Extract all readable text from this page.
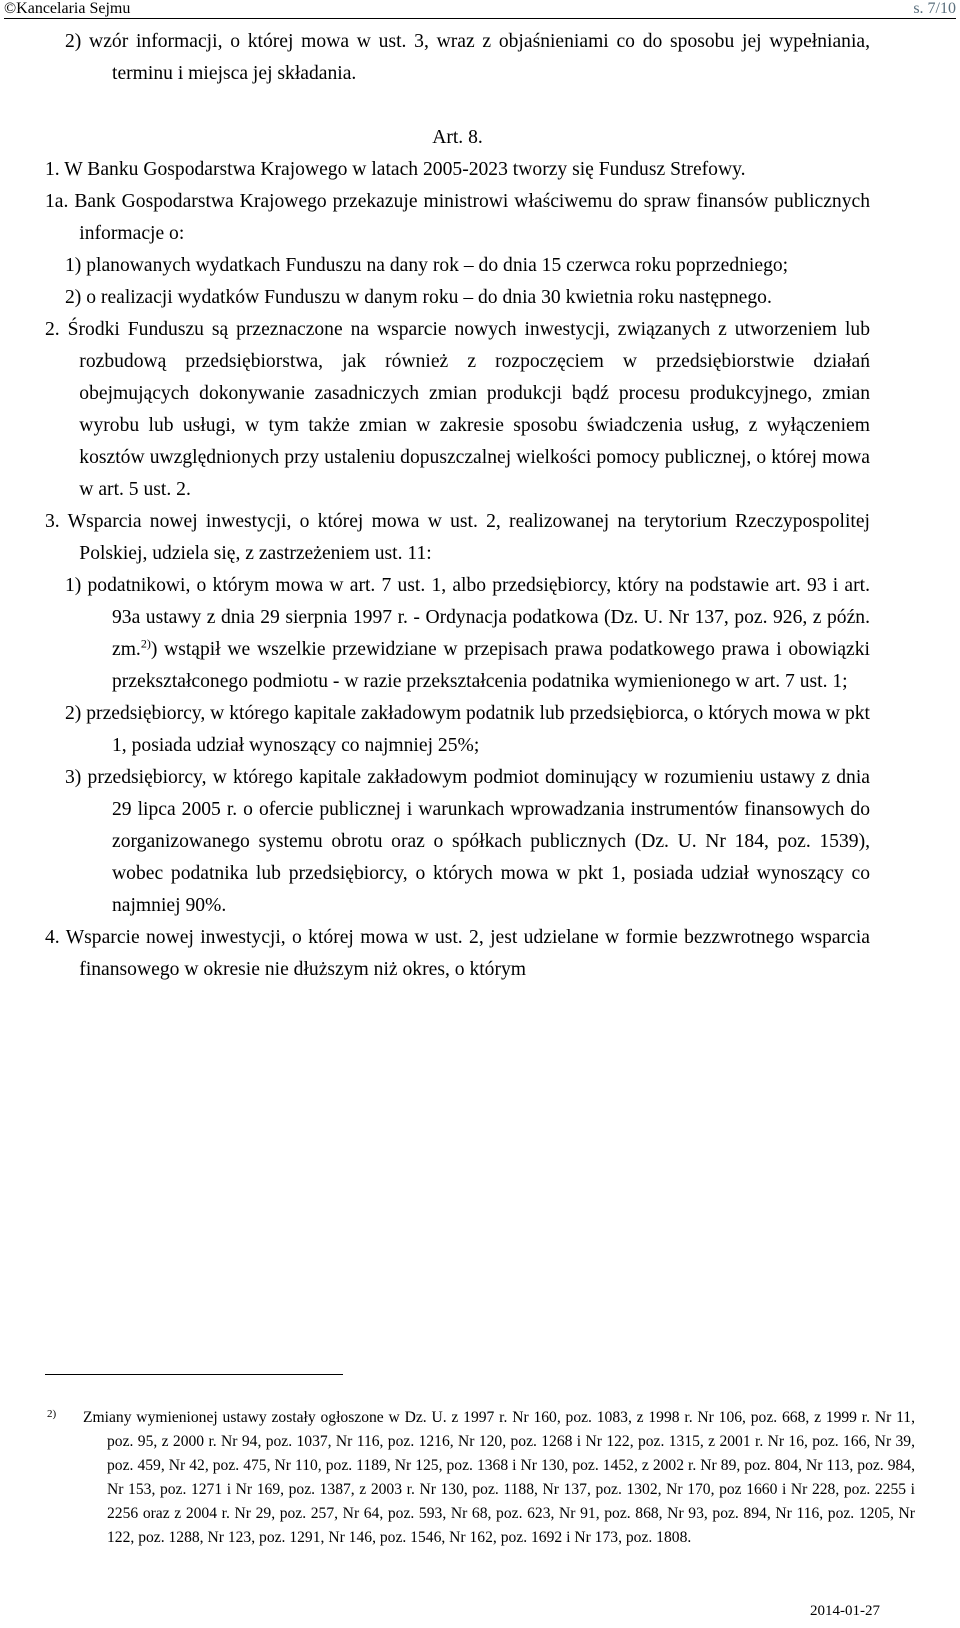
©Kancelaria Sejmu	s. 7/10

2) wzór informacji, o której mowa w ust. 3, wraz z objaśnieniami co do sposobu jej wypełniania, terminu i miejsca jej składania.

Art. 8.

1. W Banku Gospodarstwa Krajowego w latach 2005-2023 tworzy się Fundusz Strefowy.

1a. Bank Gospodarstwa Krajowego przekazuje ministrowi właściwemu do spraw finansów publicznych informacje o:

1) planowanych wydatkach Funduszu na dany rok – do dnia 15 czerwca roku poprzedniego;

2) o realizacji wydatków Funduszu w danym roku – do dnia 30 kwietnia roku następnego.

2. Środki Funduszu są przeznaczone na wsparcie nowych inwestycji, związanych z utworzeniem lub rozbudową przedsiębiorstwa, jak również z rozpoczęciem w przedsiębiorstwie działań obejmujących dokonywanie zasadniczych zmian produkcji bądź procesu produkcyjnego, zmian wyrobu lub usługi, w tym także zmian w zakresie sposobu świadczenia usług, z wyłączeniem kosztów uwzględnionych przy ustaleniu dopuszczalnej wielkości pomocy publicznej, o której mowa w art. 5 ust. 2.

3. Wsparcia nowej inwestycji, o której mowa w ust. 2, realizowanej na terytorium Rzeczypospolitej Polskiej, udziela się, z zastrzeżeniem ust. 11:

1) podatnikowi, o którym mowa w art. 7 ust. 1, albo przedsiębiorcy, który na podstawie art. 93 i art. 93a ustawy z dnia 29 sierpnia 1997 r. - Ordynacja podatkowa (Dz. U. Nr 137, poz. 926, z późn. zm.$^{2)}$) wstąpił we wszelkie przewidziane w przepisach prawa podatkowego prawa i obowiązki przekształconego podmiotu - w razie przekształcenia podatnika wymienionego w art. 7 ust. 1;

2) przedsiębiorcy, w którego kapitale zakładowym podatnik lub przedsiębiorca, o których mowa w pkt 1, posiada udział wynoszący co najmniej 25%;

3) przedsiębiorcy, w którego kapitale zakładowym podmiot dominujący w rozumieniu ustawy z dnia 29 lipca 2005 r. o ofercie publicznej i warunkach wprowadzania instrumentów finansowych do zorganizowanego systemu obrotu oraz o spółkach publicznych (Dz. U. Nr 184, poz. 1539), wobec podatnika lub przedsiębiorcy, o których mowa w pkt 1, posiada udział wynoszący co najmniej 90%.

4. Wsparcie nowej inwestycji, o której mowa w ust. 2, jest udzielane w formie bezzwrotnego wsparcia finansowego w okresie nie dłuższym niż okres, o którym

2)	Zmiany wymienionej ustawy zostały ogłoszone w Dz. U. z 1997 r. Nr 160, poz. 1083, z 1998 r. Nr 106, poz. 668, z 1999 r. Nr 11, poz. 95, z 2000 r. Nr 94, poz. 1037, Nr 116, poz. 1216, Nr 120, poz. 1268 i Nr 122, poz. 1315, z 2001 r. Nr 16, poz. 166, Nr 39, poz. 459, Nr 42, poz. 475, Nr 110, poz. 1189, Nr 125, poz. 1368 i Nr 130, poz. 1452, z 2002 r. Nr 89, poz. 804, Nr 113, poz. 984, Nr 153, poz. 1271 i Nr 169, poz. 1387, z 2003 r. Nr 130, poz. 1188, Nr 137, poz. 1302, Nr 170, poz 1660 i Nr 228, poz. 2255 i 2256 oraz z 2004 r. Nr 29, poz. 257, Nr 64, poz. 593, Nr 68, poz. 623, Nr 91, poz. 868, Nr 93, poz. 894, Nr 116, poz. 1205, Nr 122, poz. 1288, Nr 123, poz. 1291, Nr 146, poz. 1546, Nr 162, poz. 1692 i Nr 173, poz. 1808.
2014-01-27
